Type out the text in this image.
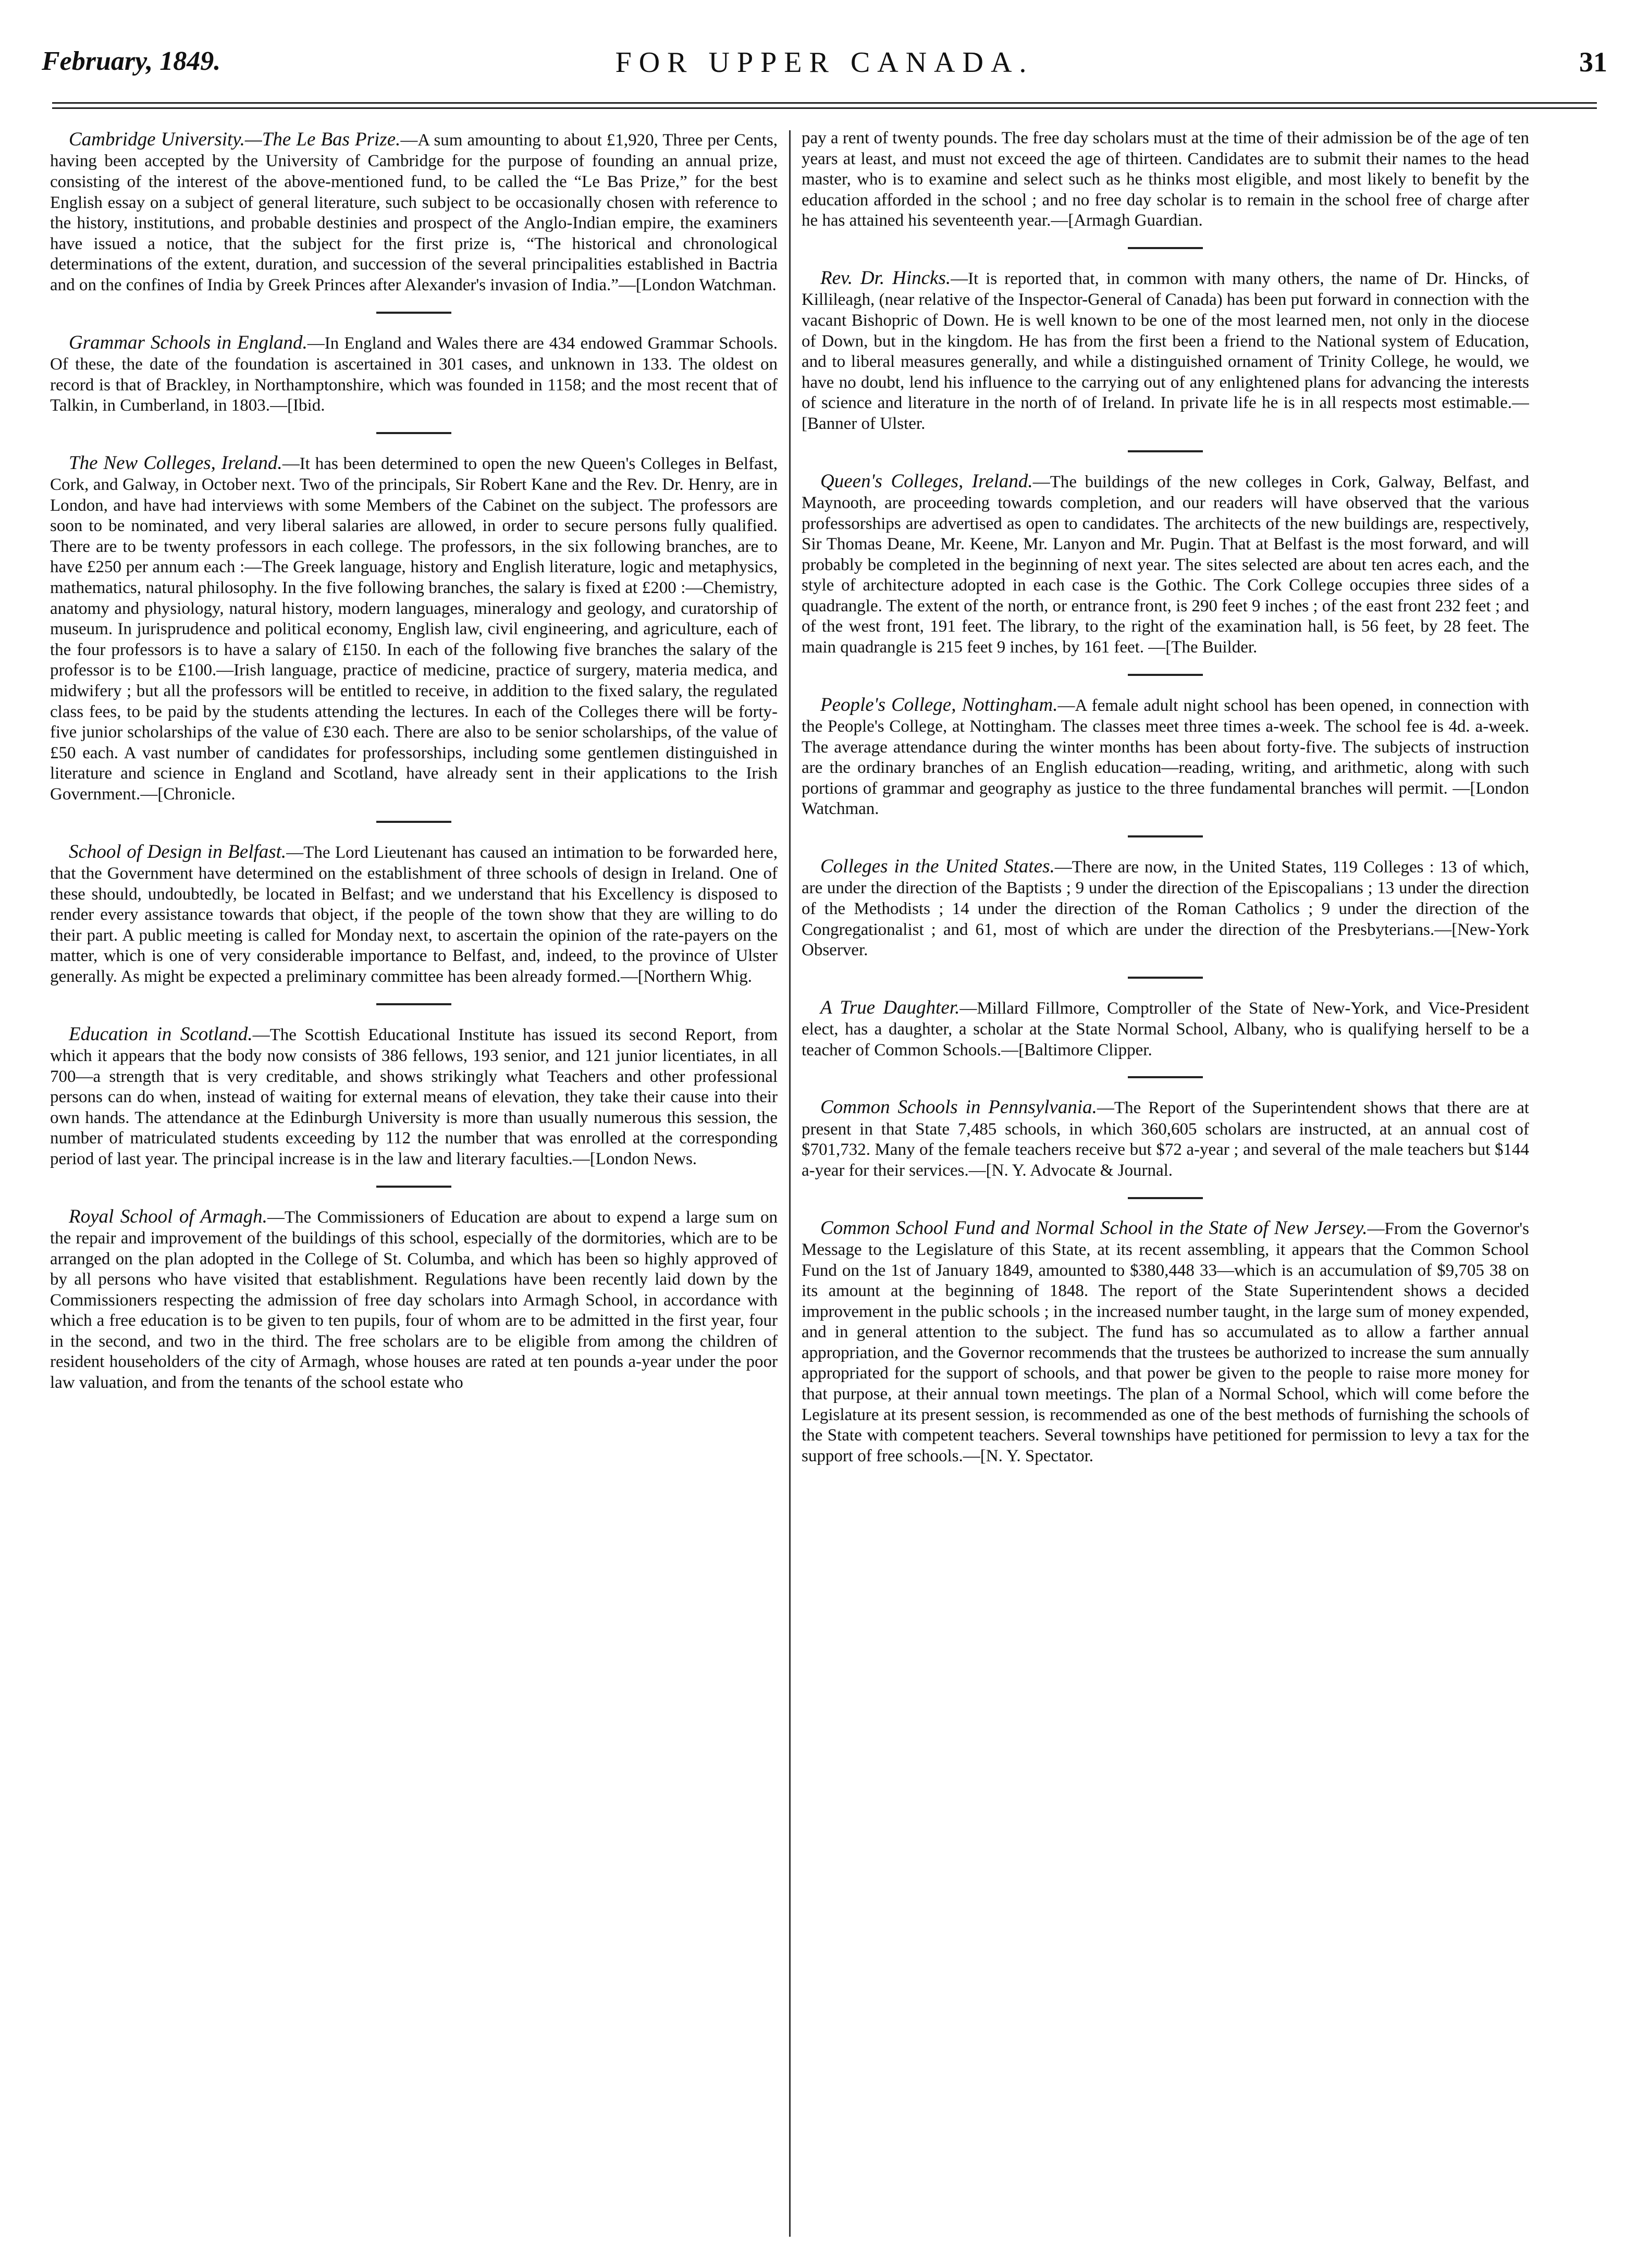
February, 1849.	FOR UPPER CANADA.	31

Cambridge University.—The Le Bas Prize.—A sum amounting to about £1,920, Three per Cents, having been accepted by the University of Cambridge for the purpose of founding an annual prize, consisting of the interest of the above-mentioned fund, to be called the “Le Bas Prize,” for the best English essay on a subject of general literature, such subject to be occasionally chosen with reference to the history, institutions, and probable destinies and prospect of the Anglo-Indian empire, the examiners have issued a notice, that the subject for the first prize is, “The historical and chronological determinations of the extent, duration, and succession of the several principalities established in Bactria and on the confines of India by Greek Princes after Alexander's invasion of India.”—[London Watchman.

Grammar Schools in England.—In England and Wales there are 434 endowed Grammar Schools. Of these, the date of the foundation is ascertained in 301 cases, and unknown in 133. The oldest on record is that of Brackley, in Northamptonshire, which was founded in 1158; and the most recent that of Talkin, in Cumberland, in 1803.—[Ibid.

The New Colleges, Ireland.—It has been determined to open the new Queen's Colleges in Belfast, Cork, and Galway, in October next. Two of the principals, Sir Robert Kane and the Rev. Dr. Henry, are in London, and have had interviews with some Members of the Cabinet on the subject. The professors are soon to be nominated, and very liberal salaries are allowed, in order to secure persons fully qualified. There are to be twenty professors in each college. The professors, in the six following branches, are to have £250 per annum each :—The Greek language, history and English literature, logic and metaphysics, mathematics, natural philosophy. In the five following branches, the salary is fixed at £200 :—Chemistry, anatomy and physiology, natural history, modern languages, mineralogy and geology, and curatorship of museum. In jurisprudence and political economy, English law, civil engineering, and agriculture, each of the four professors is to have a salary of £150. In each of the following five branches the salary of the professor is to be £100.—Irish language, practice of medicine, practice of surgery, materia medica, and midwifery ; but all the professors will be entitled to receive, in addition to the fixed salary, the regulated class fees, to be paid by the students attending the lectures. In each of the Colleges there will be forty-five junior scholarships of the value of £30 each. There are also to be senior scholarships, of the value of £50 each. A vast number of candidates for professorships, including some gentlemen distinguished in literature and science in England and Scotland, have already sent in their applications to the Irish Government.—[Chronicle.

School of Design in Belfast.—The Lord Lieutenant has caused an intimation to be forwarded here, that the Government have determined on the establishment of three schools of design in Ireland. One of these should, undoubtedly, be located in Belfast; and we understand that his Excellency is disposed to render every assistance towards that object, if the people of the town show that they are willing to do their part. A public meeting is called for Monday next, to ascertain the opinion of the rate-payers on the matter, which is one of very considerable importance to Belfast, and, indeed, to the province of Ulster generally. As might be expected a preliminary committee has been already formed.—[Northern Whig.

Education in Scotland.—The Scottish Educational Institute has issued its second Report, from which it appears that the body now consists of 386 fellows, 193 senior, and 121 junior licentiates, in all 700—a strength that is very creditable, and shows strikingly what Teachers and other professional persons can do when, instead of waiting for external means of elevation, they take their cause into their own hands. The attendance at the Edinburgh University is more than usually numerous this session, the number of matriculated students exceeding by 112 the number that was enrolled at the corresponding period of last year. The principal increase is in the law and literary faculties.—[London News.

Royal School of Armagh.—The Commissioners of Education are about to expend a large sum on the repair and improvement of the buildings of this school, especially of the dormitories, which are to be arranged on the plan adopted in the College of St. Columba, and which has been so highly approved of by all persons who have visited that establishment. Regulations have been recently laid down by the Commissioners respecting the admission of free day scholars into Armagh School, in accordance with which a free education is to be given to ten pupils, four of whom are to be admitted in the first year, four in the second, and two in the third. The free scholars are to be eligible from among the children of resident householders of the city of Armagh, whose houses are rated at ten pounds a-year under the poor law valuation, and from the tenants of the school estate who

pay a rent of twenty pounds. The free day scholars must at the time of their admission be of the age of ten years at least, and must not exceed the age of thirteen. Candidates are to submit their names to the head master, who is to examine and select such as he thinks most eligible, and most likely to benefit by the education afforded in the school ; and no free day scholar is to remain in the school free of charge after he has attained his seventeenth year.—[Armagh Guardian.

Rev. Dr. Hincks.—It is reported that, in common with many others, the name of Dr. Hincks, of Killileagh, (near relative of the Inspector-General of Canada) has been put forward in connection with the vacant Bishopric of Down. He is well known to be one of the most learned men, not only in the diocese of Down, but in the kingdom. He has from the first been a friend to the National system of Education, and to liberal measures generally, and while a distinguished ornament of Trinity College, he would, we have no doubt, lend his influence to the carrying out of any enlightened plans for advancing the interests of science and literature in the north of of Ireland. In private life he is in all respects most estimable.—[Banner of Ulster.

Queen's Colleges, Ireland.—The buildings of the new colleges in Cork, Galway, Belfast, and Maynooth, are proceeding towards completion, and our readers will have observed that the various professorships are advertised as open to candidates. The architects of the new buildings are, respectively, Sir Thomas Deane, Mr. Keene, Mr. Lanyon and Mr. Pugin. That at Belfast is the most forward, and will probably be completed in the beginning of next year. The sites selected are about ten acres each, and the style of architecture adopted in each case is the Gothic. The Cork College occupies three sides of a quadrangle. The extent of the north, or entrance front, is 290 feet 9 inches ; of the east front 232 feet ; and of the west front, 191 feet. The library, to the right of the examination hall, is 56 feet, by 28 feet. The main quadrangle is 215 feet 9 inches, by 161 feet. —[The Builder.

People's College, Nottingham.—A female adult night school has been opened, in connection with the People's College, at Nottingham. The classes meet three times a-week. The school fee is 4d. a-week. The average attendance during the winter months has been about forty-five. The subjects of instruction are the ordinary branches of an English education—reading, writing, and arithmetic, along with such portions of grammar and geography as justice to the three fundamental branches will permit. —[London Watchman.

Colleges in the United States.—There are now, in the United States, 119 Colleges : 13 of which, are under the direction of the Baptists ; 9 under the direction of the Episcopalians ; 13 under the direction of the Methodists ; 14 under the direction of the Roman Catholics ; 9 under the direction of the Congregationalist ; and 61, most of which are under the direction of the Presbyterians.—[New-York Observer.

A True Daughter.—Millard Fillmore, Comptroller of the State of New-York, and Vice-President elect, has a daughter, a scholar at the State Normal School, Albany, who is qualifying herself to be a teacher of Common Schools.—[Baltimore Clipper.

Common Schools in Pennsylvania.—The Report of the Superintendent shows that there are at present in that State 7,485 schools, in which 360,605 scholars are instructed, at an annual cost of $701,732. Many of the female teachers receive but $72 a-year ; and several of the male teachers but $144 a-year for their services.—[N. Y. Advocate & Journal.

Common School Fund and Normal School in the State of New Jersey.—From the Governor's Message to the Legislature of this State, at its recent assembling, it appears that the Common School Fund on the 1st of January 1849, amounted to $380,448 33—which is an accumulation of $9,705 38 on its amount at the beginning of 1848. The report of the State Superintendent shows a decided improvement in the public schools ; in the increased number taught, in the large sum of money expended, and in general attention to the subject. The fund has so accumulated as to allow a farther annual appropriation, and the Governor recommends that the trustees be authorized to increase the sum annually appropriated for the support of schools, and that power be given to the people to raise more money for that purpose, at their annual town meetings. The plan of a Normal School, which will come before the Legislature at its present session, is recommended as one of the best methods of furnishing the schools of the State with competent teachers. Several townships have petitioned for permission to levy a tax for the support of free schools.—[N. Y. Spectator.
